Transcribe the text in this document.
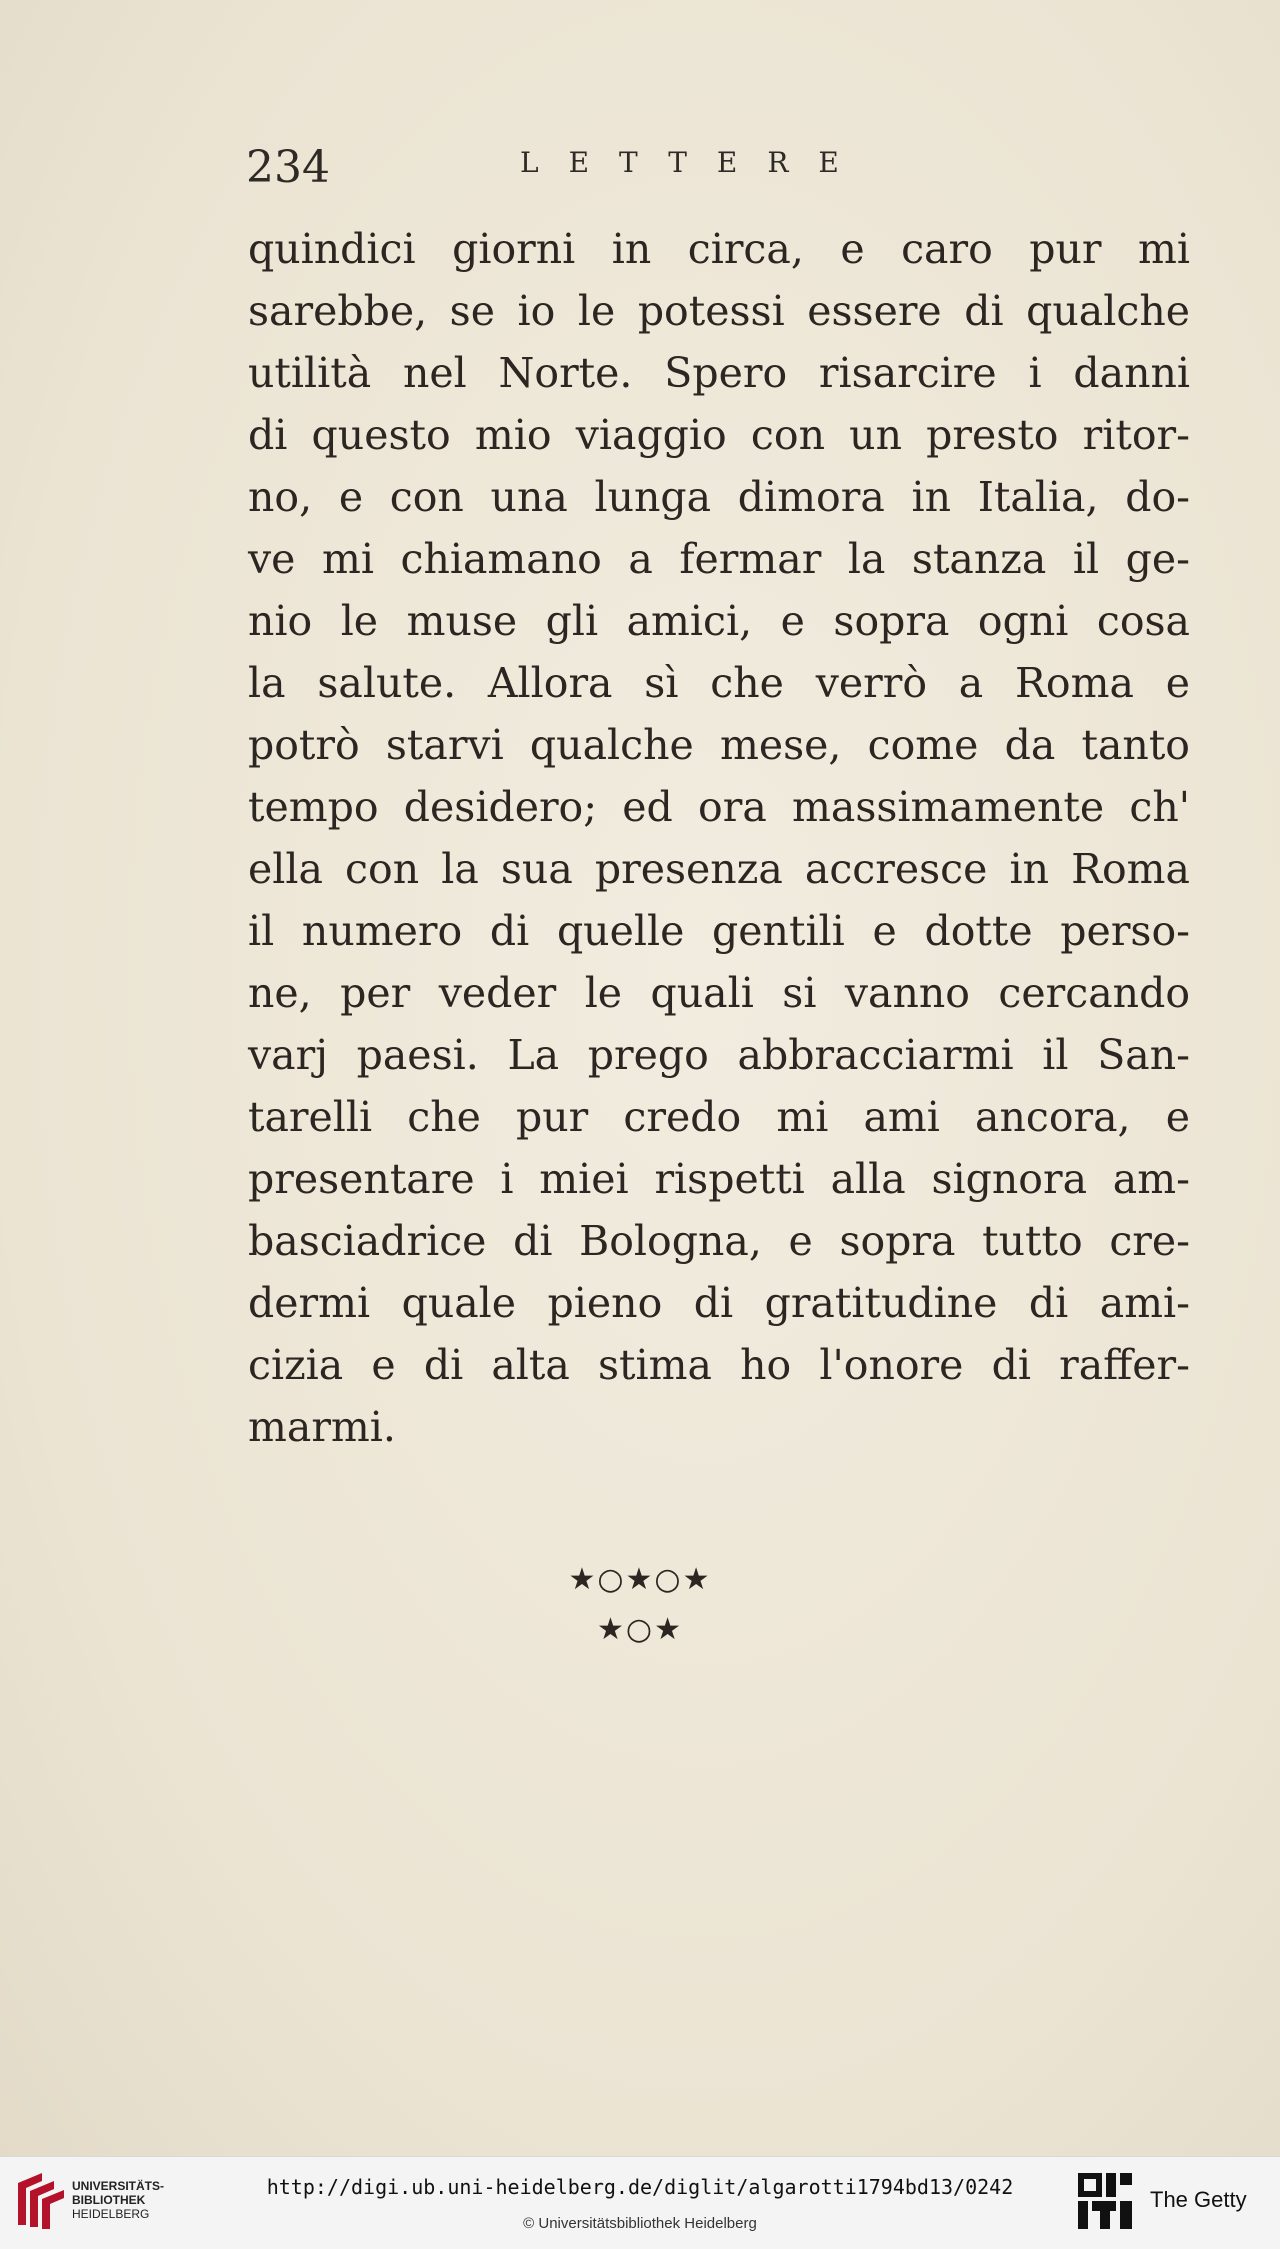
234	LETTERE
quindici giorni in circa, e caro pur mi
sarebbe, se io le potessi essere di qualche
utilità nel Norte. Spero risarcire i danni
di questo mio viaggio con un presto ritor-
no, e con una lunga dimora in Italia, do-
ve mi chiamano a fermar la stanza il ge-
nio le muse gli amici, e sopra ogni cosa
la salute. Allora sì che verrò a Roma e
potrò starvi qualche mese, come da tanto
tempo desidero; ed ora massimamente ch'
ella con la sua presenza accresce in Roma
il numero di quelle gentili e dotte perso-
ne, per veder le quali si vanno cercando
varj paesi. La prego abbracciarmi il San-
tarelli che pur credo mi ami ancora, e
presentare i miei rispetti alla signora am-
basciadrice di Bologna, e sopra tutto cre-
dermi quale pieno di gratitudine di ami-
cizia e di alta stima ho l'onore di raffer-
marmi.
★○★○★
★○★
UNIVERSITÄTS-
BIBLIOTHEK
HEIDELBERG
http://digi.ub.uni-heidelberg.de/diglit/algarotti1794bd13/0242
© Universitätsbibliothek Heidelberg
The Getty
